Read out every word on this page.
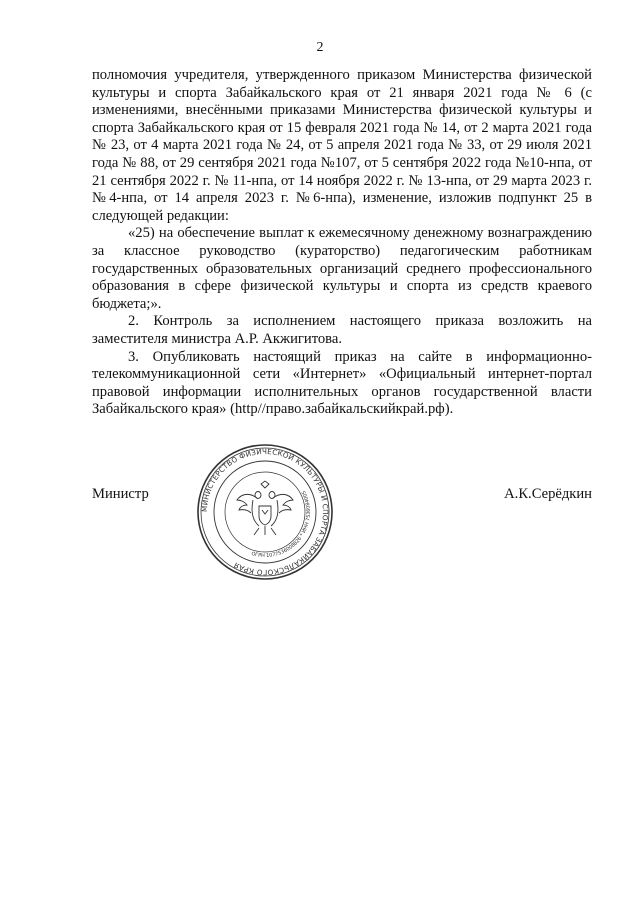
2

полномочия учредителя, утвержденного приказом Министерства физической культуры и спорта Забайкальского края от 21 января 2021 года № 6 (с изменениями, внесёнными приказами Министерства физической культуры и спорта Забайкальского края от 15 февраля 2021 года № 14, от 2 марта 2021 года № 23, от 4 марта 2021 года № 24, от 5 апреля 2021 года № 33, от 29 июля 2021 года № 88, от 29 сентября 2021 года №107, от 5 сентября 2022 года №10-нпа, от 21 сентября 2022 г. № 11-нпа, от 14 ноября 2022 г. № 13-нпа, от 29 марта 2023 г. №4-нпа, от 14 апреля 2023 г. №6-нпа), изменение, изложив подпункт 25 в следующей редакции:

«25) на обеспечение выплат к ежемесячному денежному вознаграждению за классное руководство (кураторство) педагогическим работникам государственных образовательных организаций среднего профессионального образования в сфере физической культуры и спорта из средств краевого бюджета;».

2. Контроль за исполнением настоящего приказа возложить на заместителя министра А.Р. Акжигитова.

3. Опубликовать настоящий приказ на сайте в информационно-телекоммуникационной сети «Интернет» «Официальный интернет-портал правовой информации исполнительных органов государственной власти Забайкальского края» (http//право.забайкальскийкрай.рф).

Министр
МИНИСТЕРСТВО ФИЗИЧЕСКОЙ КУЛЬТУРЫ И СПОРТА ЗАБАЙКАЛЬСКОГО КРАЯ
ОГРН 1077536008826 * ИНН 7536084005	А.К.Серёдкин
